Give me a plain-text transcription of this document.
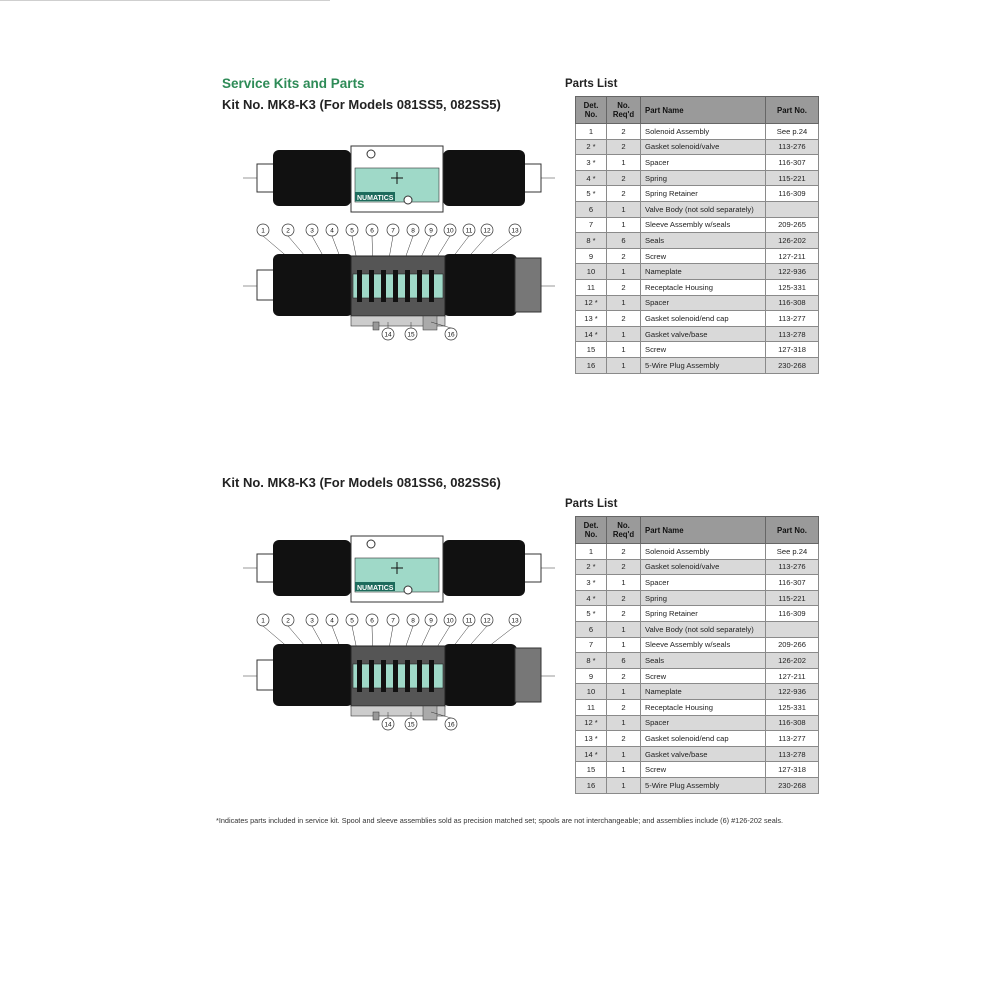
Service Kits and Parts
Kit No. MK8-K3 (For Models 081SS5, 082SS5)
Parts List
Det. No.	No. Req'd	Part Name	Part No.
1	2	Solenoid Assembly	See p.24
2 *	2	Gasket solenoid/valve	113-276
3 *	1	Spacer	116-307
4 *	2	Spring	115-221
5 *	2	Spring Retainer	116-309
6	1	Valve Body (not sold separately)	
7	1	Sleeve Assembly w/seals	209-265
8 *	6	Seals	126-202
9	2	Screw	127-211
10	1	Nameplate	122-936
11	2	Receptacle Housing	125-331
12 *	1	Spacer	116-308
13 *	2	Gasket solenoid/end cap	113-277
14 *	1	Gasket valve/base	113-278
15	1	Screw	127-318
16	1	5-Wire Plug Assembly	230-268
NUMATICS
1	2	3	4	5	6	7	8 9 10 11 12	13
14 15	16
Kit No. MK8-K3 (For Models 081SS6, 082SS6)
Parts List
Det. No.	No. Req'd	Part Name	Part No.
1	2	Solenoid Assembly	See p.24
2 *	2	Gasket solenoid/valve	113-276
3 *	1	Spacer	116-307
4 *	2	Spring	115-221
5 *	2	Spring Retainer	116-309
6	1	Valve Body (not sold separately)	
7	1	Sleeve Assembly w/seals	209-266
8 *	6	Seals	126-202
9	2	Screw	127-211
10	1	Nameplate	122-936
11	2	Receptacle Housing	125-331
12 *	1	Spacer	116-308
13 *	2	Gasket solenoid/end cap	113-277
14 *	1	Gasket valve/base	113-278
15	1	Screw	127-318
16	1	5-Wire Plug Assembly	230-268
NUMATICS
1	2	3	4	5	6	7	8 9 10 11 12	13
14 15	16
*Indicates parts included in service kit. Spool and sleeve assemblies sold as precision matched set; spools are not interchangeable; and assemblies include (6) #126-202 seals.
